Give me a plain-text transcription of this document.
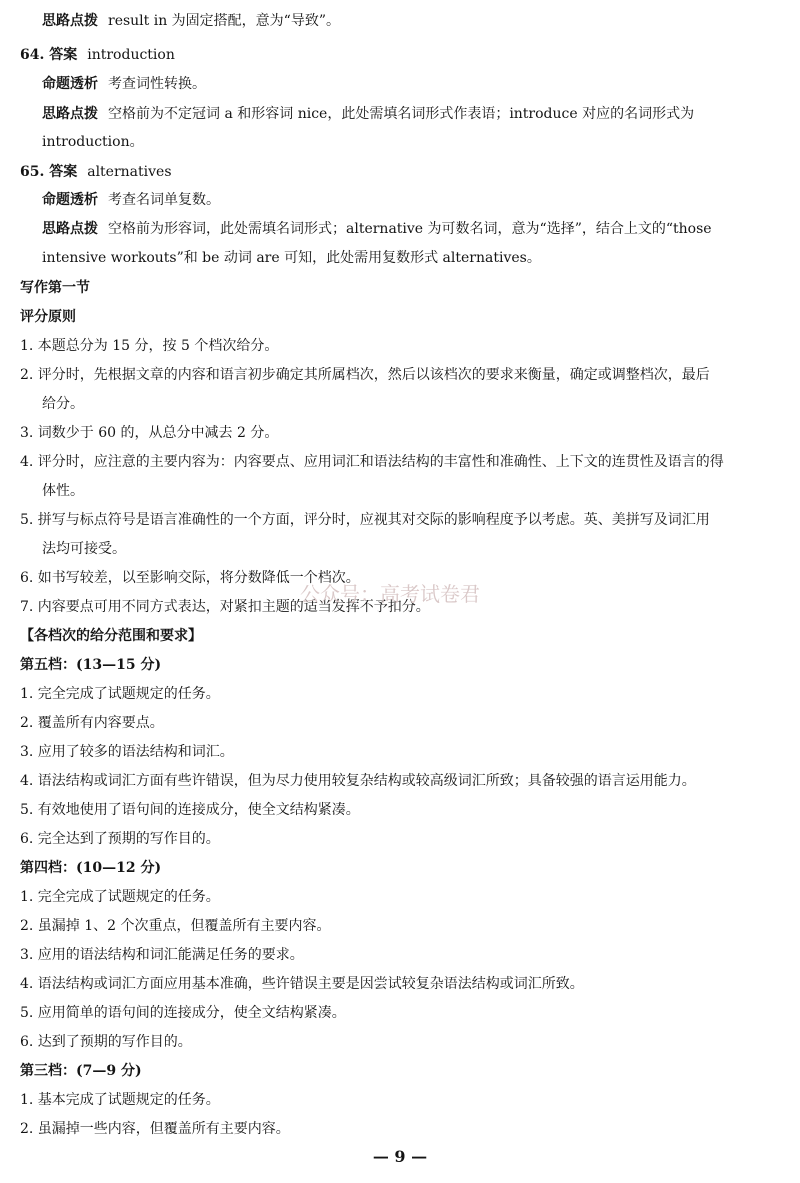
思路点拨 result in 为固定搭配，意为“导致”。
64. 答案 introduction
命题透析 考查词性转换。
思路点拨 空格前为不定冠词 a 和形容词 nice，此处需填名词形式作表语；introduce 对应的名词形式为
introduction。
65. 答案 alternatives
命题透析 考查名词单复数。
思路点拨 空格前为形容词，此处需填名词形式；alternative 为可数名词，意为“选择”，结合上文的“those
intensive workouts”和 be 动词 are 可知，此处需用复数形式 alternatives。
写作第一节
评分原则
1. 本题总分为 15 分，按 5 个档次给分。
2. 评分时，先根据文章的内容和语言初步确定其所属档次，然后以该档次的要求来衡量，确定或调整档次，最后
给分。
3. 词数少于 60 的，从总分中减去 2 分。
4. 评分时，应注意的主要内容为：内容要点、应用词汇和语法结构的丰富性和准确性、上下文的连贯性及语言的得
体性。
5. 拼写与标点符号是语言准确性的一个方面，评分时，应视其对交际的影响程度予以考虑。英、美拼写及词汇用
法均可接受。
6. 如书写较差，以至影响交际，将分数降低一个档次。
7. 内容要点可用不同方式表达，对紧扣主题的适当发挥不予扣分。
【各档次的给分范围和要求】
第五档：(13—15 分)
1. 完全完成了试题规定的任务。
2. 覆盖所有内容要点。
3. 应用了较多的语法结构和词汇。
4. 语法结构或词汇方面有些许错误，但为尽力使用较复杂结构或较高级词汇所致；具备较强的语言运用能力。
5. 有效地使用了语句间的连接成分，使全文结构紧凑。
6. 完全达到了预期的写作目的。
第四档：(10—12 分)
1. 完全完成了试题规定的任务。
2. 虽漏掉 1、2 个次重点，但覆盖所有主要内容。
3. 应用的语法结构和词汇能满足任务的要求。
4. 语法结构或词汇方面应用基本准确，些许错误主要是因尝试较复杂语法结构或词汇所致。
5. 应用简单的语句间的连接成分，使全文结构紧凑。
6. 达到了预期的写作目的。
第三档：(7—9 分)
1. 基本完成了试题规定的任务。
2. 虽漏掉一些内容，但覆盖所有主要内容。
公众号：高考试卷君
— 9 —
